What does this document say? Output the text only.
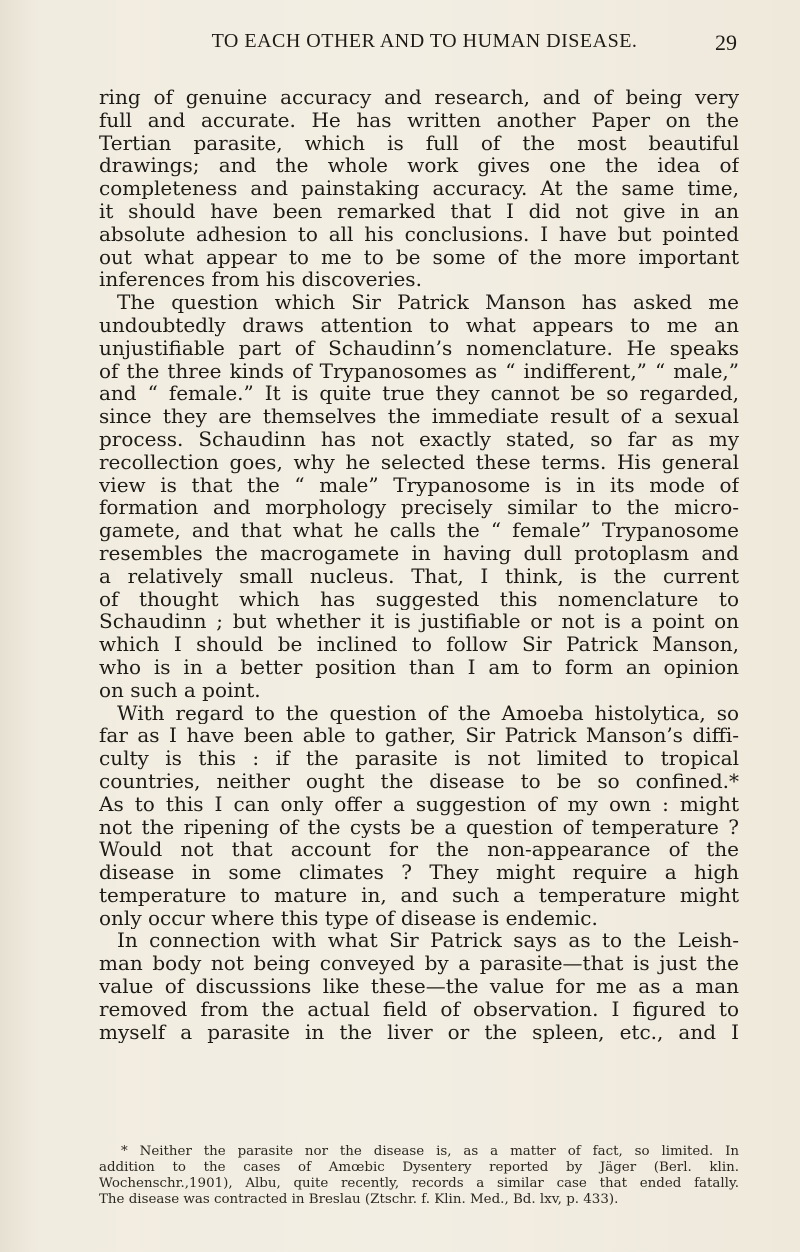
TO EACH OTHER AND TO HUMAN DISEASE.	29
ring of genuine accuracy and research, and of being very
full and accurate. He has written another Paper on the
Tertian parasite, which is full of the most beautiful
drawings; and the whole work gives one the idea of
completeness and painstaking accuracy. At the same time,
it should have been remarked that I did not give in an
absolute adhesion to all his conclusions. I have but pointed
out what appear to me to be some of the more important
inferences from his discoveries.
The question which Sir Patrick Manson has asked me
undoubtedly draws attention to what appears to me an
unjustifiable part of Schaudinn’s nomenclature. He speaks
of the three kinds of Trypanosomes as “ indifferent,” “ male,”
and “ female.” It is quite true they cannot be so regarded,
since they are themselves the immediate result of a sexual
process. Schaudinn has not exactly stated, so far as my
recollection goes, why he selected these terms. His general
view is that the “ male” Trypanosome is in its mode of
formation and morphology precisely similar to the micro-
gamete, and that what he calls the “ female” Trypanosome
resembles the macrogamete in having dull protoplasm and
a relatively small nucleus. That, I think, is the current
of thought which has suggested this nomenclature to
Schaudinn ; but whether it is justifiable or not is a point on
which I should be inclined to follow Sir Patrick Manson,
who is in a better position than I am to form an opinion
on such a point.
With regard to the question of the Amoeba histolytica, so
far as I have been able to gather, Sir Patrick Manson’s diffi-
culty is this : if the parasite is not limited to tropical
countries, neither ought the disease to be so confined.*
As to this I can only offer a suggestion of my own : might
not the ripening of the cysts be a question of temperature ?
Would not that account for the non-appearance of the
disease in some climates ? They might require a high
temperature to mature in, and such a temperature might
only occur where this type of disease is endemic.
In connection with what Sir Patrick says as to the Leish-
man body not being conveyed by a parasite—that is just the
value of discussions like these—the value for me as a man
removed from the actual field of observation. I figured to
myself a parasite in the liver or the spleen, etc., and I
* Neither the parasite nor the disease is, as a matter of fact, so limited. In
addition to the cases of Amœbic Dysentery reported by Jäger (Berl. klin.
Wochenschr.,1901), Albu, quite recently, records a similar case that ended fatally.
The disease was contracted in Breslau (Ztschr. f. Klin. Med., Bd. lxv, p. 433).
